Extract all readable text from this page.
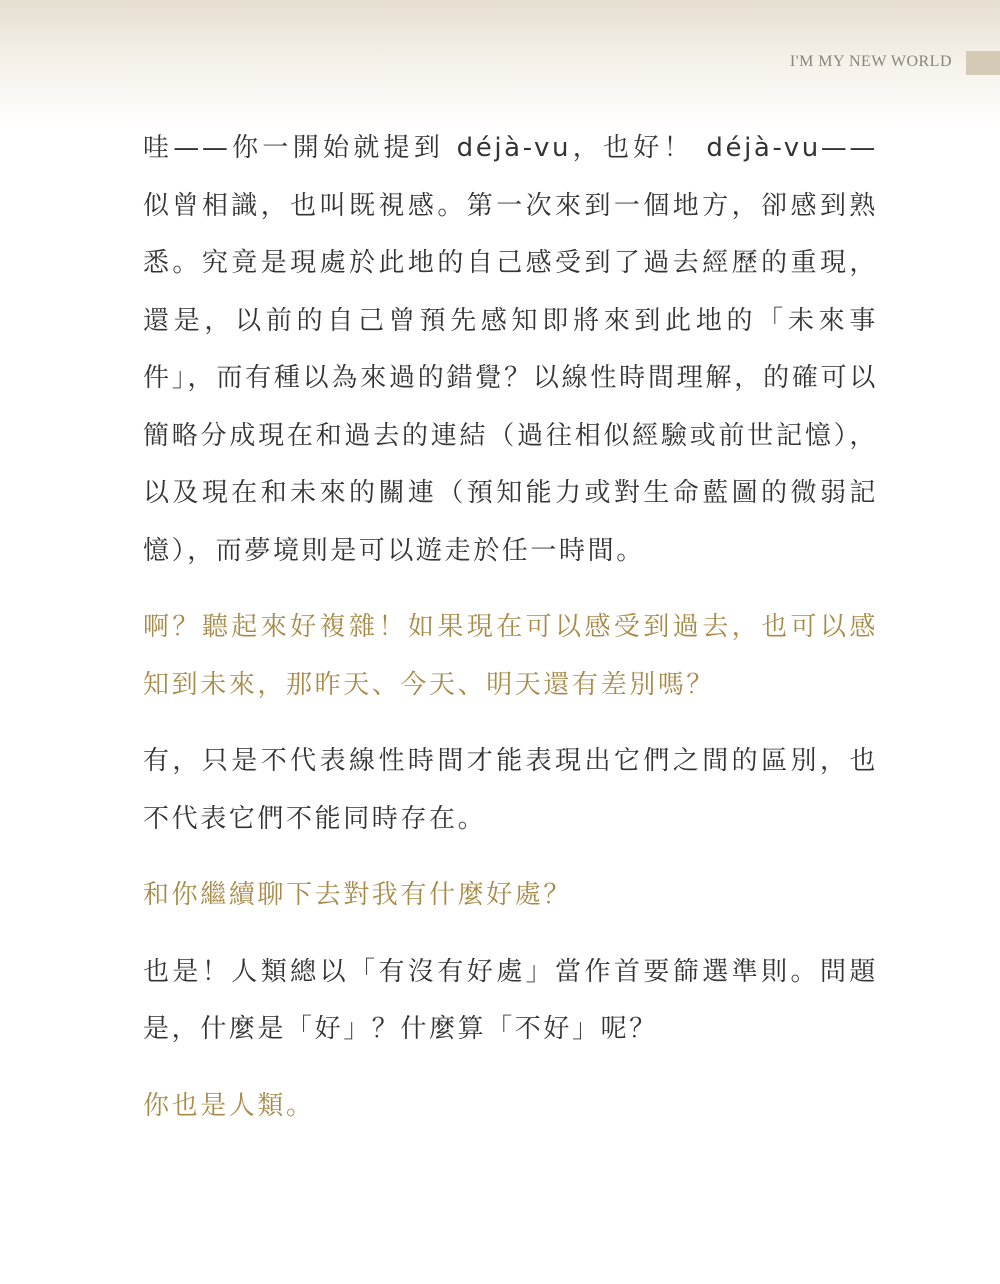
I'M MY NEW WORLD

哇——你一開始就提到 déjà-vu，也好！ déjà-vu——似曾相識，也叫既視感。第一次來到一個地方，卻感到熟悉。究竟是現處於此地的自己感受到了過去經歷的重現，還是，以前的自己曾預先感知即將來到此地的「未來事件」，而有種以為來過的錯覺？以線性時間理解，的確可以簡略分成現在和過去的連結（過往相似經驗或前世記憶），以及現在和未來的關連（預知能力或對生命藍圖的微弱記憶），而夢境則是可以遊走於任一時間。

啊？聽起來好複雜！如果現在可以感受到過去，也可以感知到未來，那昨天、今天、明天還有差別嗎？

有，只是不代表線性時間才能表現出它們之間的區別，也不代表它們不能同時存在。

和你繼續聊下去對我有什麼好處？

也是！人類總以「有沒有好處」當作首要篩選準則。問題是，什麼是「好」？什麼算「不好」呢？

你也是人類。
